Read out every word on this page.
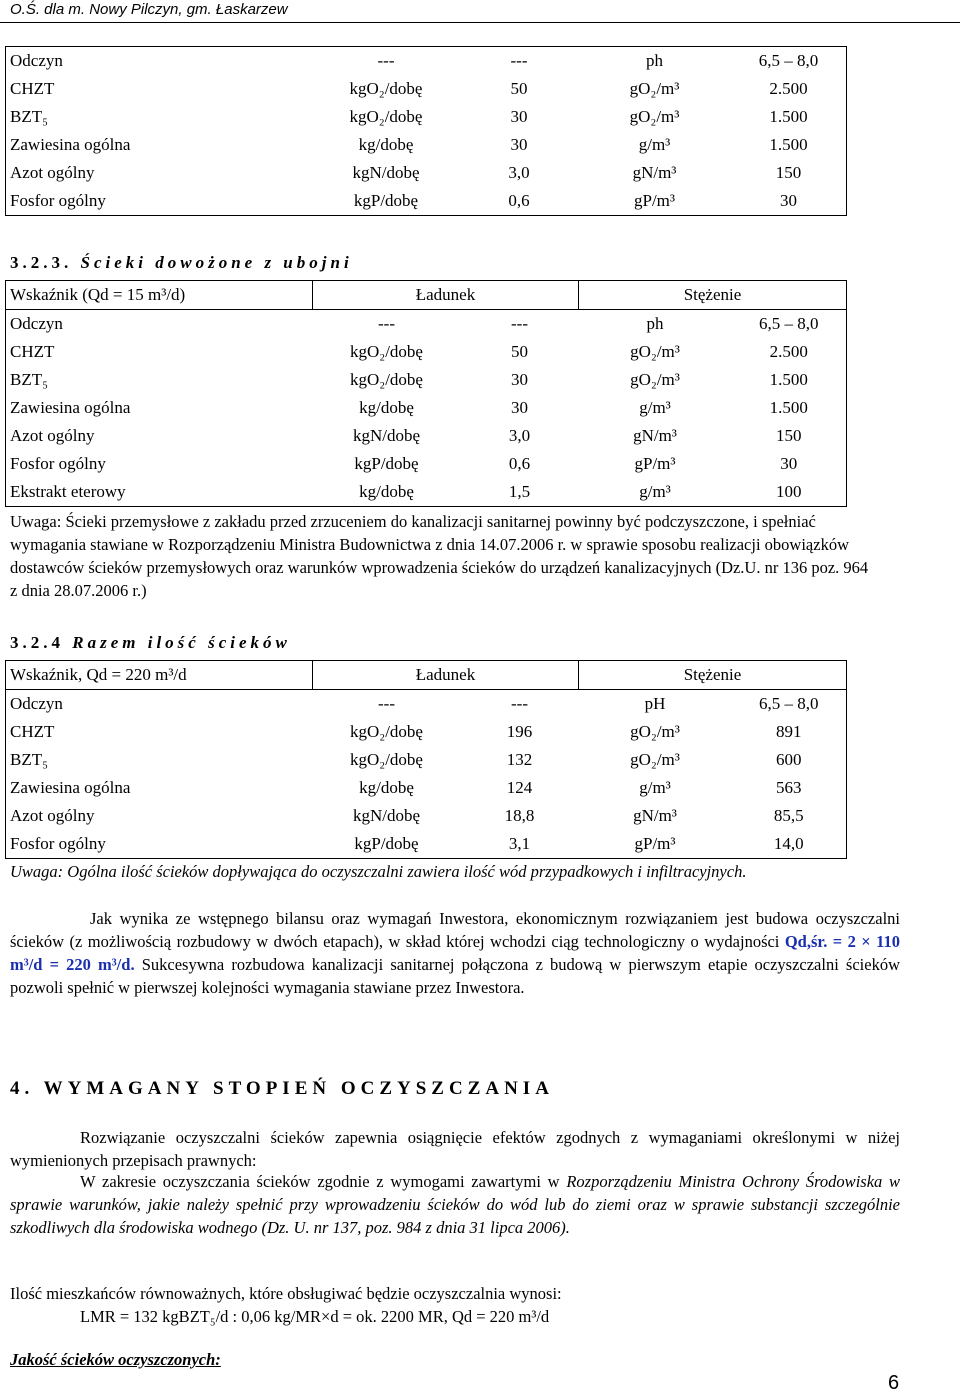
O.Ś. dla m. Nowy Pilczyn, gm. Łaskarzew
Odczyn	---	---	ph	6,5 – 8,0
CHZT	kgO₂/dobę	50	gO₂/m³	2.500
BZT₅	kgO₂/dobę	30	gO₂/m³	1.500
Zawiesina ogólna	kg/dobę	30	g/m³	1.500
Azot ogólny	kgN/dobę	3,0	gN/m³	150
Fosfor ogólny	kgP/dobę	0,6	gP/m³	30
3.2.3. Ścieki dowożone z ubojni
Wskaźnik (Qd = 15 m³/d)	Ładunek		Stężenie	
Odczyn	---	---	ph	6,5 – 8,0
CHZT	kgO₂/dobę	50	gO₂/m³	2.500
BZT₅	kgO₂/dobę	30	gO₂/m³	1.500
Zawiesina ogólna	kg/dobę	30	g/m³	1.500
Azot ogólny	kgN/dobę	3,0	gN/m³	150
Fosfor ogólny	kgP/dobę	0,6	gP/m³	30
Ekstrakt eterowy	kg/dobę	1,5	g/m³	100
Uwaga: Ścieki przemysłowe z zakładu przed zrzuceniem do kanalizacji sanitarnej powinny być podczyszczone, i spełniać wymagania stawiane w Rozporządzeniu Ministra Budownictwa z dnia 14.07.2006 r. w sprawie sposobu realizacji obowiązków dostawców ścieków przemysłowych oraz warunków wprowadzenia ścieków do urządzeń kanalizacyjnych (Dz.U. nr 136 poz. 964 z dnia 28.07.2006 r.)
3.2.4 Razem ilość ścieków
Wskaźnik, Qd = 220 m³/d	Ładunek		Stężenie	
Odczyn	---	---	pH	6,5 – 8,0
CHZT	kgO₂/dobę	196	gO₂/m³	891
BZT₅	kgO₂/dobę	132	gO₂/m³	600
Zawiesina ogólna	kg/dobę	124	g/m³	563
Azot ogólny	kgN/dobę	18,8	gN/m³	85,5
Fosfor ogólny	kgP/dobę	3,1	gP/m³	14,0
Uwaga: Ogólna ilość ścieków dopływająca do oczyszczalni zawiera ilość wód przypadkowych i infiltracyjnych.
Jak wynika ze wstępnego bilansu oraz wymagań Inwestora, ekonomicznym rozwiązaniem jest budowa oczyszczalni ścieków (z możliwością rozbudowy w dwóch etapach), w skład której wchodzi ciąg technologiczny o wydajności Qd,śr. = 2 × 110 m³/d = 220 m³/d. Sukcesywna rozbudowa kanalizacji sanitarnej połączona z budową w pierwszym etapie oczyszczalni ścieków pozwoli spełnić w pierwszej kolejności wymagania stawiane przez Inwestora.
4. WYMAGANY STOPIEŃ OCZYSZCZANIA
Rozwiązanie oczyszczalni ścieków zapewnia osiągnięcie efektów zgodnych z wymaganiami określonymi w niżej wymienionych przepisach prawnych:
W zakresie oczyszczania ścieków zgodnie z wymogami zawartymi w Rozporządzeniu Ministra Ochrony Środowiska w sprawie warunków, jakie należy spełnić przy wprowadzeniu ścieków do wód lub do ziemi oraz w sprawie substancji szczególnie szkodliwych dla środowiska wodnego (Dz. U. nr 137, poz. 984 z dnia 31 lipca 2006).
Ilość mieszkańców równoważnych, które obsługiwać będzie oczyszczalnia wynosi:
LMR = 132 kgBZT₅/d : 0,06 kg/MR×d = ok. 2200 MR, Qd = 220 m³/d
Jakość ścieków oczyszczonych:
6
